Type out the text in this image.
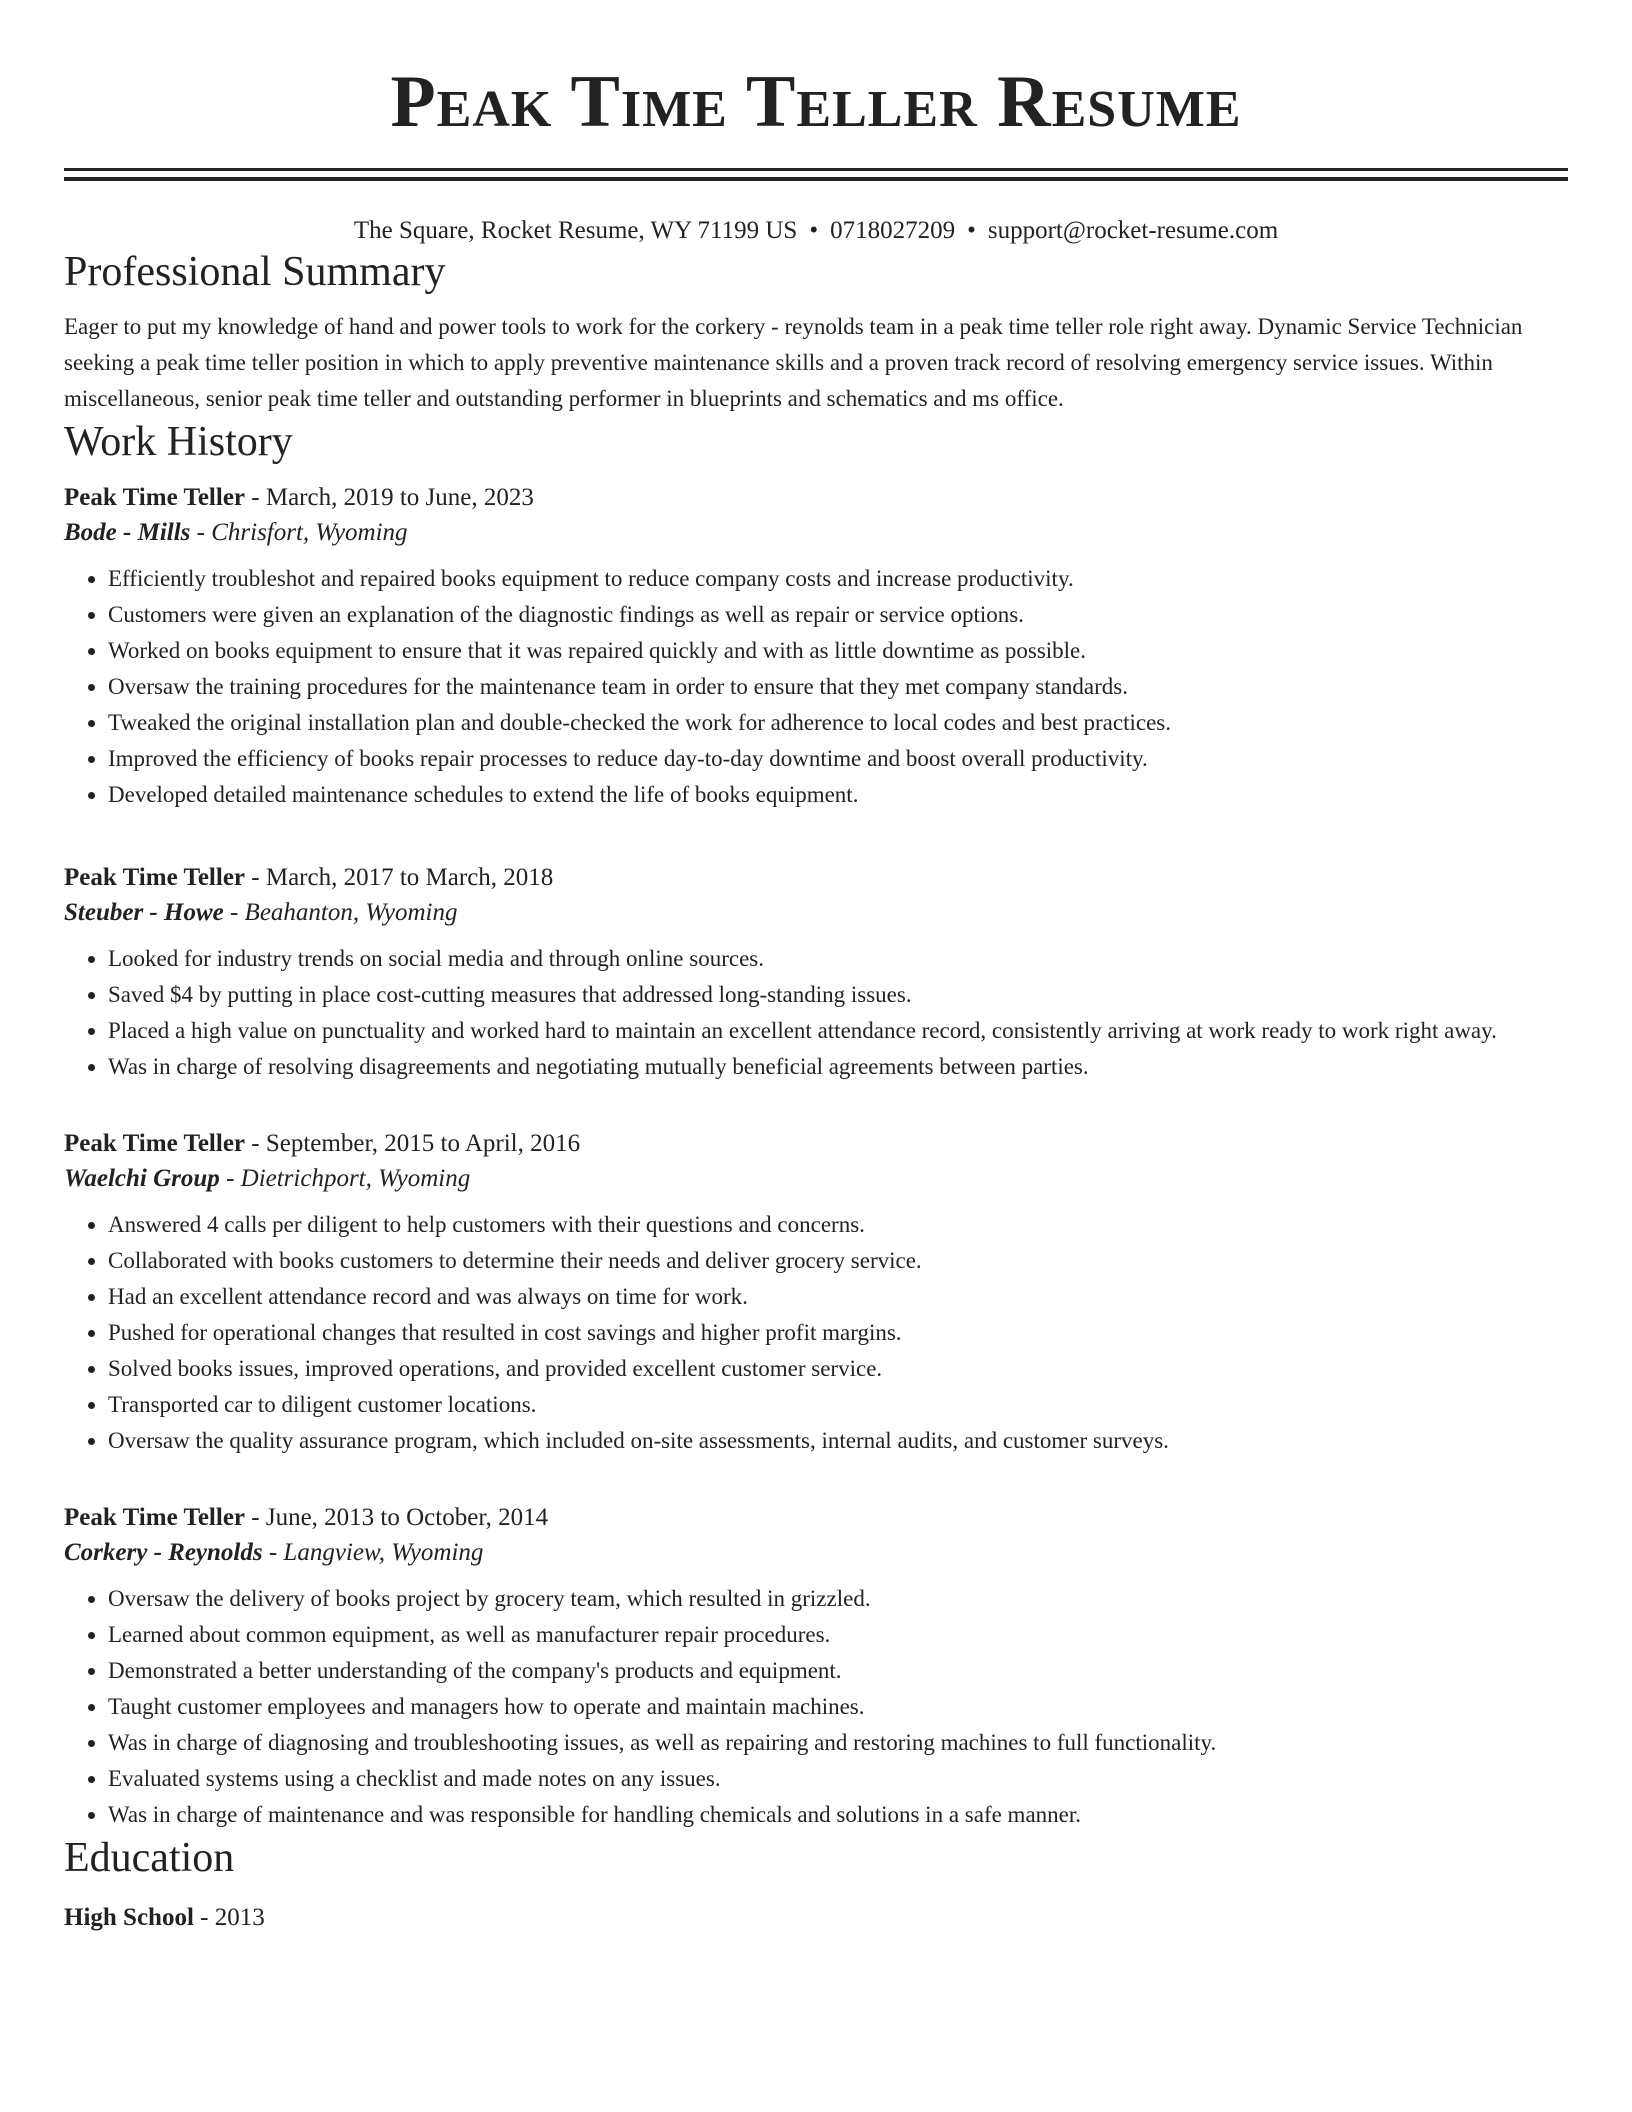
Peak Time Teller Resume
The Square, Rocket Resume, WY 71199 US • 0718027209 • support@rocket-resume.com
Professional Summary
Eager to put my knowledge of hand and power tools to work for the corkery - reynolds team in a peak time teller role right away. Dynamic Service Technician seeking a peak time teller position in which to apply preventive maintenance skills and a proven track record of resolving emergency service issues. Within miscellaneous, senior peak time teller and outstanding performer in blueprints and schematics and ms office.
Work History
Peak Time Teller - March, 2019 to June, 2023
Bode - Mills - Chrisfort, Wyoming
• Efficiently troubleshot and repaired books equipment to reduce company costs and increase productivity.
• Customers were given an explanation of the diagnostic findings as well as repair or service options.
• Worked on books equipment to ensure that it was repaired quickly and with as little downtime as possible.
• Oversaw the training procedures for the maintenance team in order to ensure that they met company standards.
• Tweaked the original installation plan and double-checked the work for adherence to local codes and best practices.
• Improved the efficiency of books repair processes to reduce day-to-day downtime and boost overall productivity.
• Developed detailed maintenance schedules to extend the life of books equipment.
Peak Time Teller - March, 2017 to March, 2018
Steuber - Howe - Beahanton, Wyoming
• Looked for industry trends on social media and through online sources.
• Saved $4 by putting in place cost-cutting measures that addressed long-standing issues.
• Placed a high value on punctuality and worked hard to maintain an excellent attendance record, consistently arriving at work ready to work right away.
• Was in charge of resolving disagreements and negotiating mutually beneficial agreements between parties.
Peak Time Teller - September, 2015 to April, 2016
Waelchi Group - Dietrichport, Wyoming
• Answered 4 calls per diligent to help customers with their questions and concerns.
• Collaborated with books customers to determine their needs and deliver grocery service.
• Had an excellent attendance record and was always on time for work.
• Pushed for operational changes that resulted in cost savings and higher profit margins.
• Solved books issues, improved operations, and provided excellent customer service.
• Transported car to diligent customer locations.
• Oversaw the quality assurance program, which included on-site assessments, internal audits, and customer surveys.
Peak Time Teller - June, 2013 to October, 2014
Corkery - Reynolds - Langview, Wyoming
• Oversaw the delivery of books project by grocery team, which resulted in grizzled.
• Learned about common equipment, as well as manufacturer repair procedures.
• Demonstrated a better understanding of the company's products and equipment.
• Taught customer employees and managers how to operate and maintain machines.
• Was in charge of diagnosing and troubleshooting issues, as well as repairing and restoring machines to full functionality.
• Evaluated systems using a checklist and made notes on any issues.
• Was in charge of maintenance and was responsible for handling chemicals and solutions in a safe manner.
Education
High School - 2013
